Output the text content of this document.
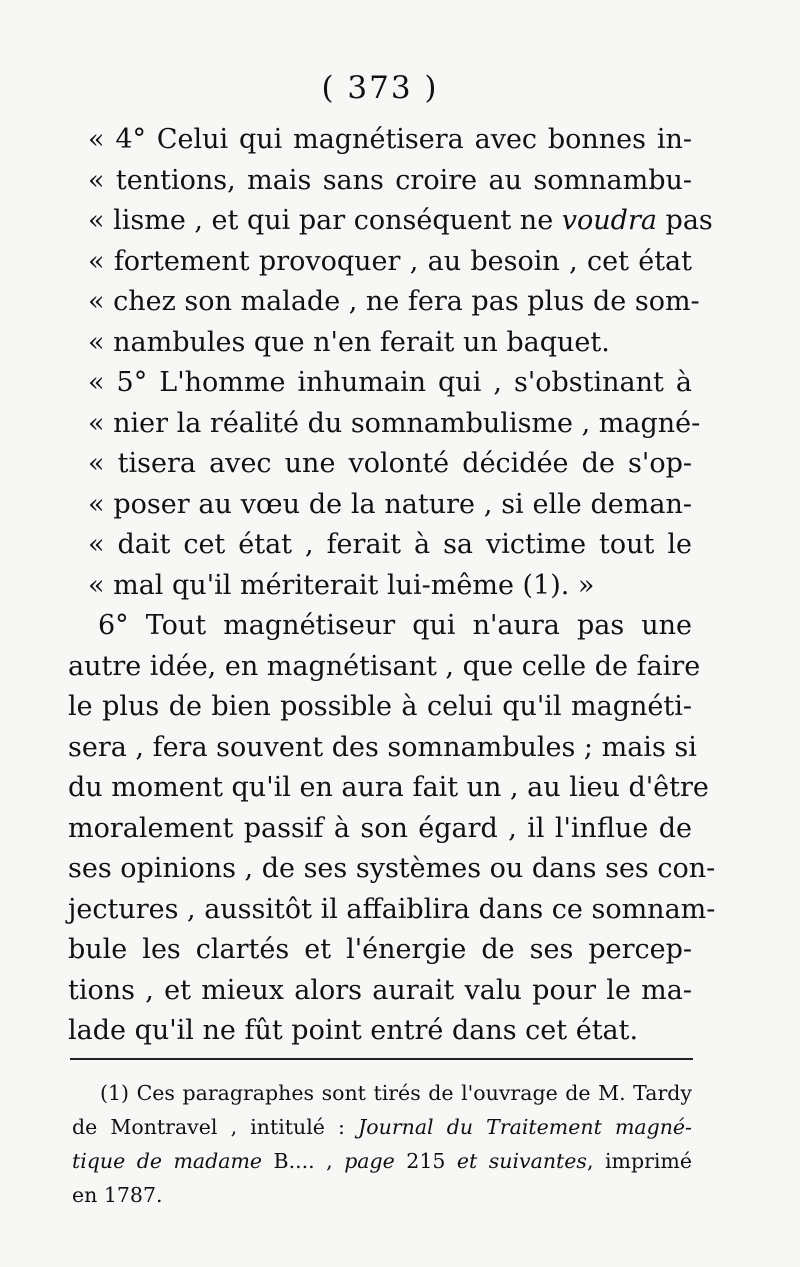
( 373 )
« 4° Celui qui magnétisera avec bonnes in-
« tentions, mais sans croire au somnambu-
« lisme , et qui par conséquent ne voudra pas
« fortement provoquer , au besoin , cet état
« chez son malade , ne fera pas plus de som-
« nambules que n'en ferait un baquet.
« 5° L'homme inhumain qui , s'obstinant à
« nier la réalité du somnambulisme , magné-
« tisera avec une volonté décidée de s'op-
« poser au vœu de la nature , si elle deman-
« dait cet état , ferait à sa victime tout le
« mal qu'il mériterait lui-même (1). »
6° Tout magnétiseur qui n'aura pas une
autre idée, en magnétisant , que celle de faire
le plus de bien possible à celui qu'il magnéti-
sera , fera souvent des somnambules ; mais si
du moment qu'il en aura fait un , au lieu d'être
moralement passif à son égard , il l'influe de
ses opinions , de ses systèmes ou dans ses con-
jectures , aussitôt il affaiblira dans ce somnam-
bule les clartés et l'énergie de ses percep-
tions , et mieux alors aurait valu pour le ma-
lade qu'il ne fût point entré dans cet état.
(1) Ces paragraphes sont tirés de l'ouvrage de M. Tardy
de Montravel , intitulé : Journal du Traitement magné-
tique de madame B.... , page 215 et suivantes, imprimé
en 1787.
